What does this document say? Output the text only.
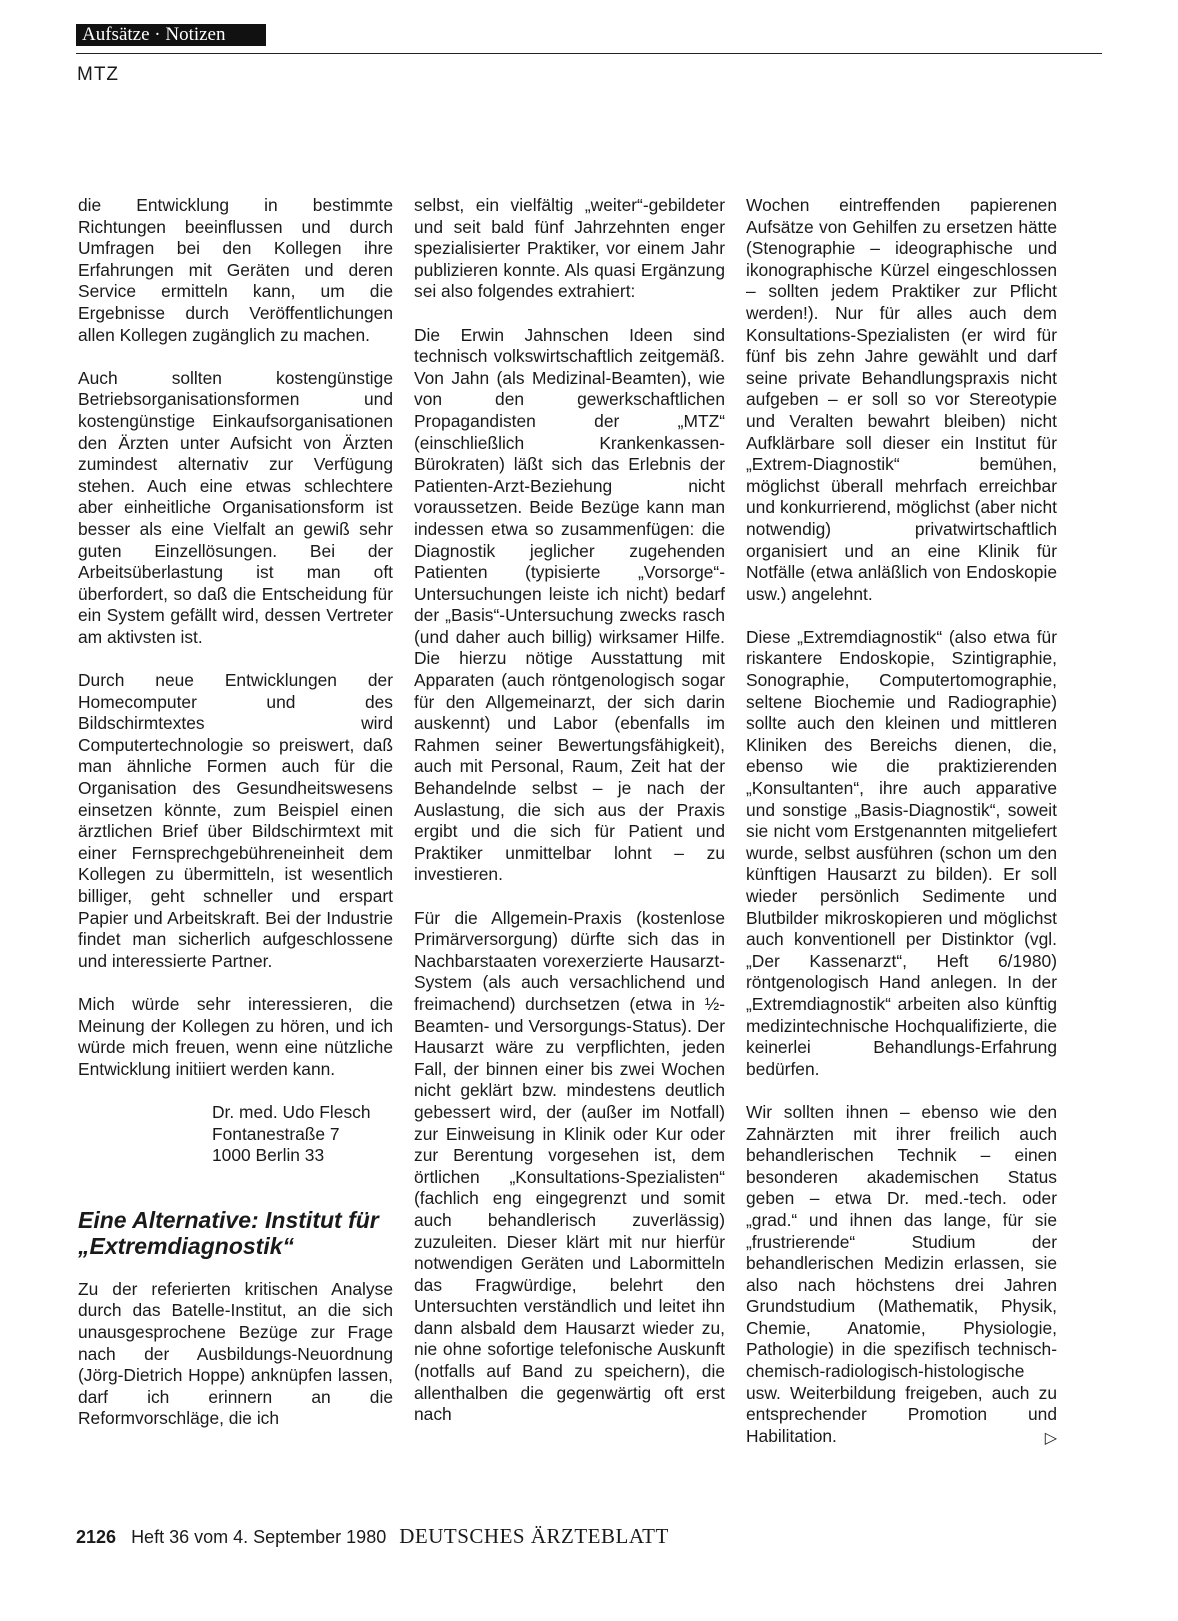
Aufsätze · Notizen
MTZ

die Entwicklung in bestimmte Richtungen beeinflussen und durch Umfragen bei den Kollegen ihre Erfahrungen mit Geräten und deren Service ermitteln kann, um die Ergebnisse durch Veröffentlichungen allen Kollegen zugänglich zu machen.

Auch sollten kostengünstige Betriebsorganisationsformen und kostengünstige Einkaufsorganisationen den Ärzten unter Aufsicht von Ärzten zumindest alternativ zur Verfügung stehen. Auch eine etwas schlechtere aber einheitliche Organisationsform ist besser als eine Vielfalt an gewiß sehr guten Einzellösungen. Bei der Arbeitsüberlastung ist man oft überfordert, so daß die Entscheidung für ein System gefällt wird, dessen Vertreter am aktivsten ist.

Durch neue Entwicklungen der Homecomputer und des Bildschirmtextes wird Computertechnologie so preiswert, daß man ähnliche Formen auch für die Organisation des Gesundheitswesens einsetzen könnte, zum Beispiel einen ärztlichen Brief über Bildschirmtext mit einer Fernsprechgebühreneinheit dem Kollegen zu übermitteln, ist wesentlich billiger, geht schneller und erspart Papier und Arbeitskraft. Bei der Industrie findet man sicherlich aufgeschlossene und interessierte Partner.

Mich würde sehr interessieren, die Meinung der Kollegen zu hören, und ich würde mich freuen, wenn eine nützliche Entwicklung initiiert werden kann.

Dr. med. Udo Flesch
Fontanestraße 7
1000 Berlin 33
Eine Alternative: Institut für „Extremdiagnostik“

Zu der referierten kritischen Analyse durch das Batelle-Institut, an die sich unausgesprochene Bezüge zur Frage nach der Ausbildungs-Neuordnung (Jörg-Dietrich Hoppe) anknüpfen lassen, darf ich erinnern an die Reformvorschläge, die ich

selbst, ein vielfältig „weiter“-gebildeter und seit bald fünf Jahrzehnten enger spezialisierter Praktiker, vor einem Jahr publizieren konnte. Als quasi Ergänzung sei also folgendes extrahiert:

Die Erwin Jahnschen Ideen sind technisch volkswirtschaftlich zeitgemäß. Von Jahn (als Medizinal-Beamten), wie von den gewerkschaftlichen Propagandisten der „MTZ“ (einschließlich Krankenkassen-Bürokraten) läßt sich das Erlebnis der Patienten-Arzt-Beziehung nicht voraussetzen. Beide Bezüge kann man indessen etwa so zusammenfügen: die Diagnostik jeglicher zugehenden Patienten (typisierte „Vorsorge“-Untersuchungen leiste ich nicht) bedarf der „Basis“-Untersuchung zwecks rasch (und daher auch billig) wirksamer Hilfe. Die hierzu nötige Ausstattung mit Apparaten (auch röntgenologisch sogar für den Allgemeinarzt, der sich darin auskennt) und Labor (ebenfalls im Rahmen seiner Bewertungsfähigkeit), auch mit Personal, Raum, Zeit hat der Behandelnde selbst – je nach der Auslastung, die sich aus der Praxis ergibt und die sich für Patient und Praktiker unmittelbar lohnt – zu investieren.

Für die Allgemein-Praxis (kostenlose Primärversorgung) dürfte sich das in Nachbarstaaten vorexerzierte Hausarzt-System (als auch versachlichend und freimachend) durchsetzen (etwa in ½-Beamten- und Versorgungs-Status). Der Hausarzt wäre zu verpflichten, jeden Fall, der binnen einer bis zwei Wochen nicht geklärt bzw. mindestens deutlich gebessert wird, der (außer im Notfall) zur Einweisung in Klinik oder Kur oder zur Berentung vorgesehen ist, dem örtlichen „Konsultations-Spezialisten“ (fachlich eng eingegrenzt und somit auch behandlerisch zuverlässig) zuzuleiten. Dieser klärt mit nur hierfür notwendigen Geräten und Labormitteln das Fragwürdige, belehrt den Untersuchten verständlich und leitet ihn dann alsbald dem Hausarzt wieder zu, nie ohne sofortige telefonische Auskunft (notfalls auf Band zu speichern), die allenthalben die gegenwärtig oft erst nach

Wochen eintreffenden papierenen Aufsätze von Gehilfen zu ersetzen hätte (Stenographie – ideographische und ikonographische Kürzel eingeschlossen – sollten jedem Praktiker zur Pflicht werden!). Nur für alles auch dem Konsultations-Spezialisten (er wird für fünf bis zehn Jahre gewählt und darf seine private Behandlungspraxis nicht aufgeben – er soll so vor Stereotypie und Veralten bewahrt bleiben) nicht Aufklärbare soll dieser ein Institut für „Extrem-Diagnostik“ bemühen, möglichst überall mehrfach erreichbar und konkurrierend, möglichst (aber nicht notwendig) privatwirtschaftlich organisiert und an eine Klinik für Notfälle (etwa anläßlich von Endoskopie usw.) angelehnt.

Diese „Extremdiagnostik“ (also etwa für riskantere Endoskopie, Szintigraphie, Sonographie, Computertomographie, seltene Biochemie und Radiographie) sollte auch den kleinen und mittleren Kliniken des Bereichs dienen, die, ebenso wie die praktizierenden „Konsultanten“, ihre auch apparative und sonstige „Basis-Diagnostik“, soweit sie nicht vom Erstgenannten mitgeliefert wurde, selbst ausführen (schon um den künftigen Hausarzt zu bilden). Er soll wieder persönlich Sedimente und Blutbilder mikroskopieren und möglichst auch konventionell per Distinktor (vgl. „Der Kassenarzt“, Heft 6/1980) röntgenologisch Hand anlegen. In der „Extremdiagnostik“ arbeiten also künftig medizintechnische Hochqualifizierte, die keinerlei Behandlungs-Erfahrung bedürfen.

Wir sollten ihnen – ebenso wie den Zahnärzten mit ihrer freilich auch behandlerischen Technik – einen besonderen akademischen Status geben – etwa Dr. med.-tech. oder „grad.“ und ihnen das lange, für sie „frustrierende“ Studium der behandlerischen Medizin erlassen, sie also nach höchstens drei Jahren Grundstudium (Mathematik, Physik, Chemie, Anatomie, Physiologie, Pathologie) in die spezifisch technisch-chemisch-radiologisch-histologische usw. Weiterbildung freigeben, auch zu entsprechender Promotion und Habilitation.	▷

2126 Heft 36 vom 4. September 1980 DEUTSCHES ÄRZTEBLATT
